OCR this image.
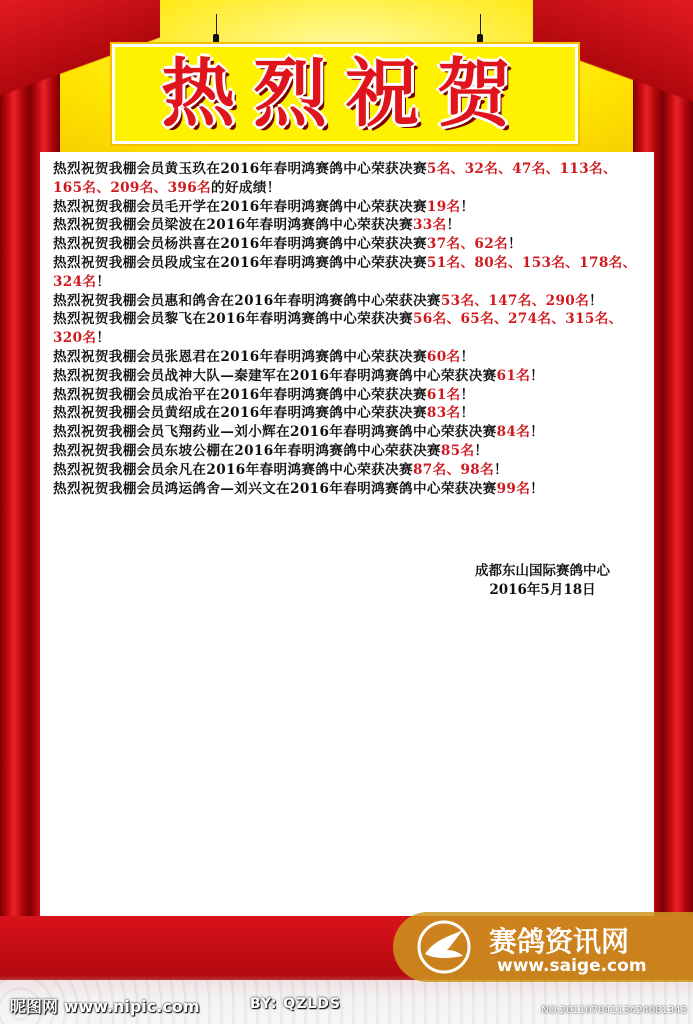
热烈祝贺
热烈祝贺我棚会员黄玉玖在2016年春明鸿赛鸽中心荣获决赛5名、32名、47名、113名、165名、209名、396名的好成绩！
热烈祝贺我棚会员毛开学在2016年春明鸿赛鸽中心荣获决赛19名！
热烈祝贺我棚会员梁波在2016年春明鸿赛鸽中心荣获决赛33名！
热烈祝贺我棚会员杨洪喜在2016年春明鸿赛鸽中心荣获决赛37名、62名！
热烈祝贺我棚会员段成宝在2016年春明鸿赛鸽中心荣获决赛51名、80名、153名、178名、324名！
热烈祝贺我棚会员惠和鸽舍在2016年春明鸿赛鸽中心荣获决赛53名、147名、290名！
热烈祝贺我棚会员黎飞在2016年春明鸿赛鸽中心荣获决赛56名、65名、274名、315名、320名！
热烈祝贺我棚会员张恩君在2016年春明鸿赛鸽中心荣获决赛60名！
热烈祝贺我棚会员战神大队—秦建军在2016年春明鸿赛鸽中心荣获决赛61名！
热烈祝贺我棚会员成治平在2016年春明鸿赛鸽中心荣获决赛61名！
热烈祝贺我棚会员黄绍成在2016年春明鸿赛鸽中心荣获决赛83名！
热烈祝贺我棚会员飞翔药业—刘小辉在2016年春明鸿赛鸽中心荣获决赛84名！
热烈祝贺我棚会员东坡公棚在2016年春明鸿赛鸽中心荣获决赛85名！
热烈祝贺我棚会员余凡在2016年春明鸿赛鸽中心荣获决赛87名、98名！
热烈祝贺我棚会员鸿运鸽舍—刘兴文在2016年春明鸿赛鸽中心荣获决赛99名！
成都东山国际赛鸽中心
2016年5月18日
赛鸽资讯网
www.saige.com
昵图网 www.nipic.com	BY: QZLDS	NO:20110704113424081343
